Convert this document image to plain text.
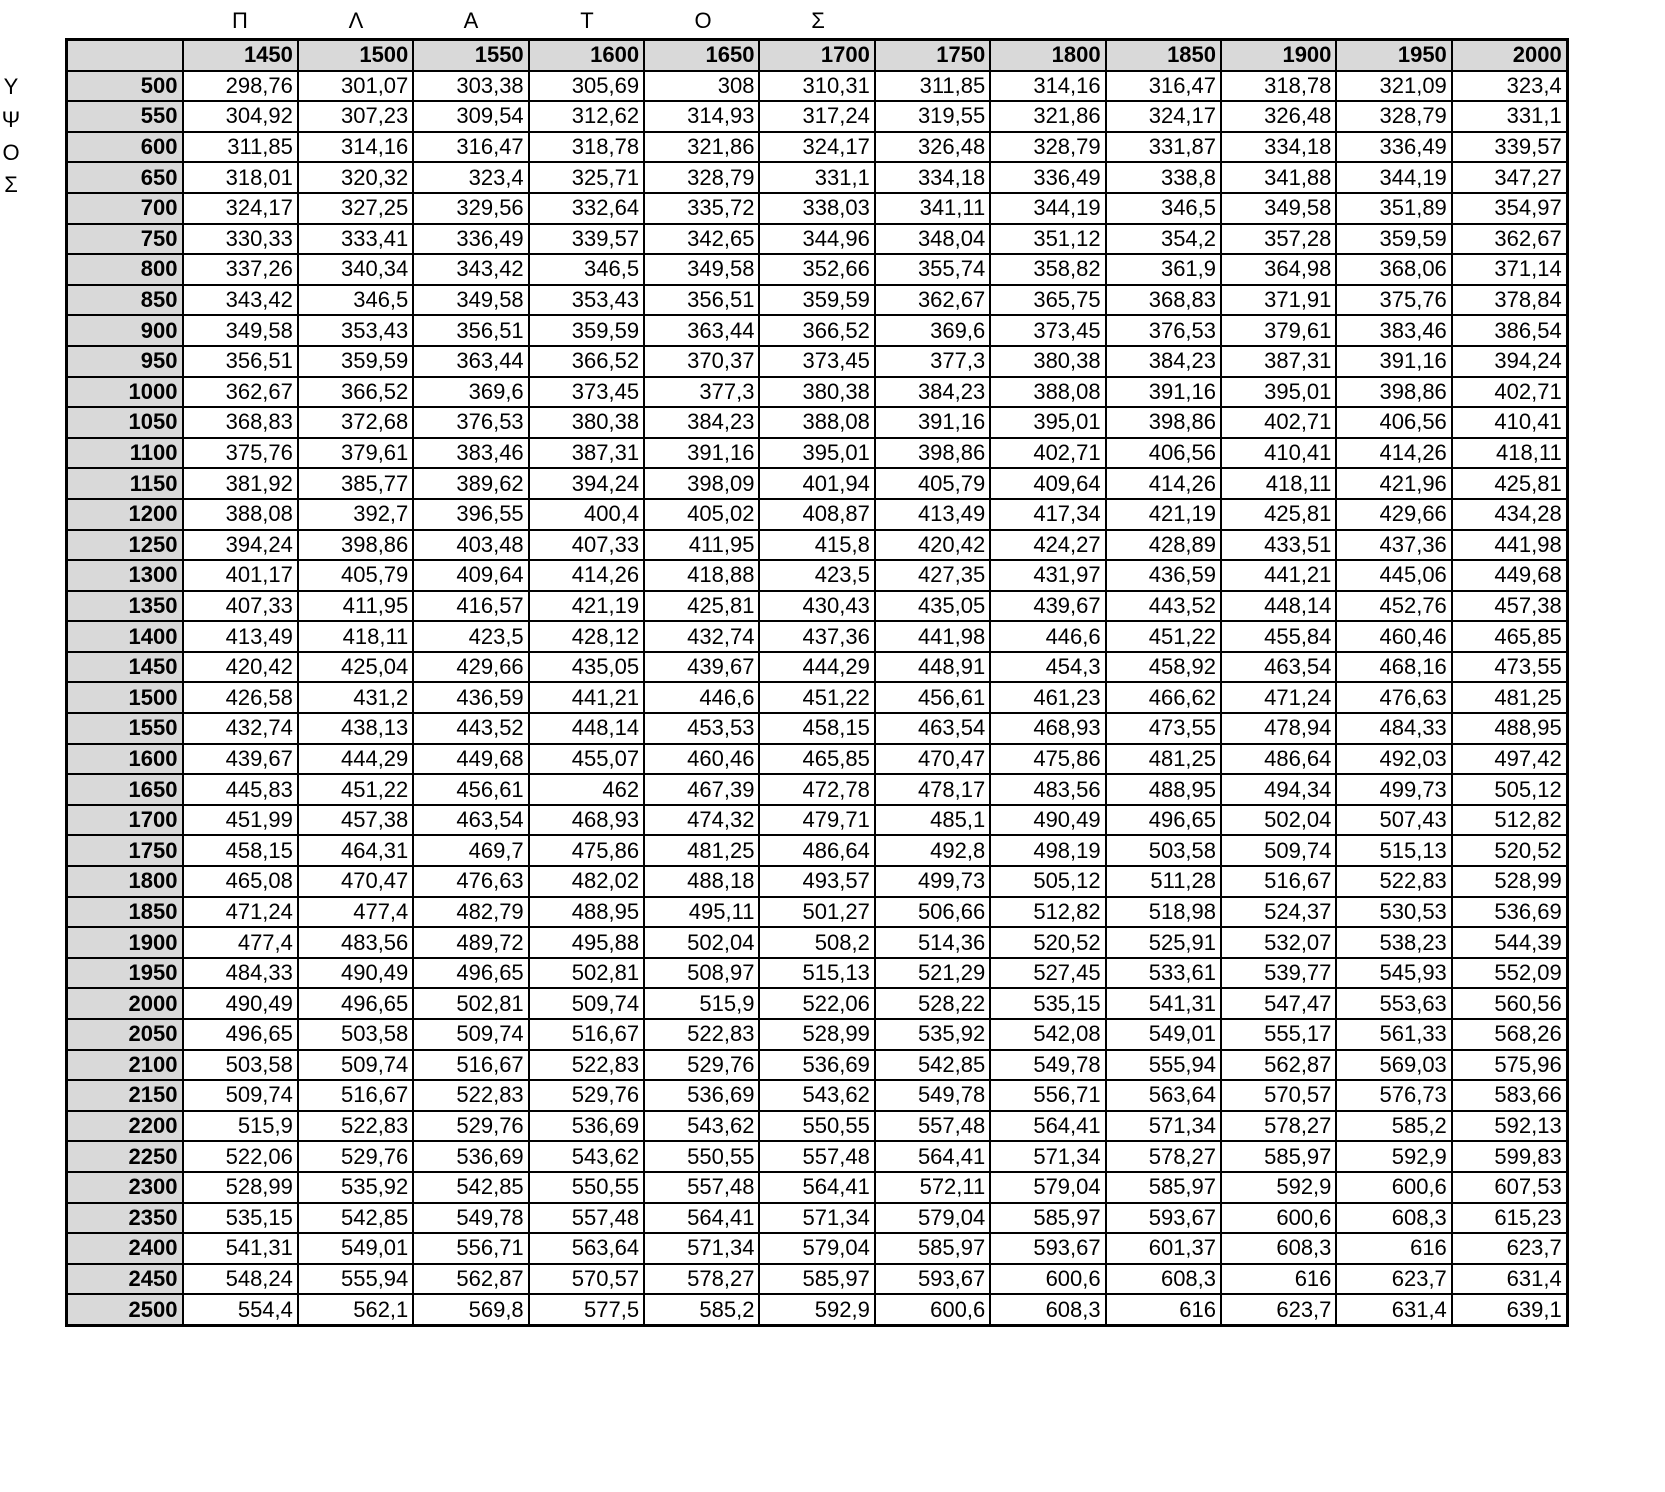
Π	Λ	Α	Τ	Ο	Σ
Υ
Ψ
Ο
Σ
	1450	1500	1550	1600	1650	1700	1750	1800	1850	1900	1950	2000
500	298,76	301,07	303,38	305,69	308	310,31	311,85	314,16	316,47	318,78	321,09	323,4
550	304,92	307,23	309,54	312,62	314,93	317,24	319,55	321,86	324,17	326,48	328,79	331,1
600	311,85	314,16	316,47	318,78	321,86	324,17	326,48	328,79	331,87	334,18	336,49	339,57
650	318,01	320,32	323,4	325,71	328,79	331,1	334,18	336,49	338,8	341,88	344,19	347,27
700	324,17	327,25	329,56	332,64	335,72	338,03	341,11	344,19	346,5	349,58	351,89	354,97
750	330,33	333,41	336,49	339,57	342,65	344,96	348,04	351,12	354,2	357,28	359,59	362,67
800	337,26	340,34	343,42	346,5	349,58	352,66	355,74	358,82	361,9	364,98	368,06	371,14
850	343,42	346,5	349,58	353,43	356,51	359,59	362,67	365,75	368,83	371,91	375,76	378,84
900	349,58	353,43	356,51	359,59	363,44	366,52	369,6	373,45	376,53	379,61	383,46	386,54
950	356,51	359,59	363,44	366,52	370,37	373,45	377,3	380,38	384,23	387,31	391,16	394,24
1000	362,67	366,52	369,6	373,45	377,3	380,38	384,23	388,08	391,16	395,01	398,86	402,71
1050	368,83	372,68	376,53	380,38	384,23	388,08	391,16	395,01	398,86	402,71	406,56	410,41
1100	375,76	379,61	383,46	387,31	391,16	395,01	398,86	402,71	406,56	410,41	414,26	418,11
1150	381,92	385,77	389,62	394,24	398,09	401,94	405,79	409,64	414,26	418,11	421,96	425,81
1200	388,08	392,7	396,55	400,4	405,02	408,87	413,49	417,34	421,19	425,81	429,66	434,28
1250	394,24	398,86	403,48	407,33	411,95	415,8	420,42	424,27	428,89	433,51	437,36	441,98
1300	401,17	405,79	409,64	414,26	418,88	423,5	427,35	431,97	436,59	441,21	445,06	449,68
1350	407,33	411,95	416,57	421,19	425,81	430,43	435,05	439,67	443,52	448,14	452,76	457,38
1400	413,49	418,11	423,5	428,12	432,74	437,36	441,98	446,6	451,22	455,84	460,46	465,85
1450	420,42	425,04	429,66	435,05	439,67	444,29	448,91	454,3	458,92	463,54	468,16	473,55
1500	426,58	431,2	436,59	441,21	446,6	451,22	456,61	461,23	466,62	471,24	476,63	481,25
1550	432,74	438,13	443,52	448,14	453,53	458,15	463,54	468,93	473,55	478,94	484,33	488,95
1600	439,67	444,29	449,68	455,07	460,46	465,85	470,47	475,86	481,25	486,64	492,03	497,42
1650	445,83	451,22	456,61	462	467,39	472,78	478,17	483,56	488,95	494,34	499,73	505,12
1700	451,99	457,38	463,54	468,93	474,32	479,71	485,1	490,49	496,65	502,04	507,43	512,82
1750	458,15	464,31	469,7	475,86	481,25	486,64	492,8	498,19	503,58	509,74	515,13	520,52
1800	465,08	470,47	476,63	482,02	488,18	493,57	499,73	505,12	511,28	516,67	522,83	528,99
1850	471,24	477,4	482,79	488,95	495,11	501,27	506,66	512,82	518,98	524,37	530,53	536,69
1900	477,4	483,56	489,72	495,88	502,04	508,2	514,36	520,52	525,91	532,07	538,23	544,39
1950	484,33	490,49	496,65	502,81	508,97	515,13	521,29	527,45	533,61	539,77	545,93	552,09
2000	490,49	496,65	502,81	509,74	515,9	522,06	528,22	535,15	541,31	547,47	553,63	560,56
2050	496,65	503,58	509,74	516,67	522,83	528,99	535,92	542,08	549,01	555,17	561,33	568,26
2100	503,58	509,74	516,67	522,83	529,76	536,69	542,85	549,78	555,94	562,87	569,03	575,96
2150	509,74	516,67	522,83	529,76	536,69	543,62	549,78	556,71	563,64	570,57	576,73	583,66
2200	515,9	522,83	529,76	536,69	543,62	550,55	557,48	564,41	571,34	578,27	585,2	592,13
2250	522,06	529,76	536,69	543,62	550,55	557,48	564,41	571,34	578,27	585,97	592,9	599,83
2300	528,99	535,92	542,85	550,55	557,48	564,41	572,11	579,04	585,97	592,9	600,6	607,53
2350	535,15	542,85	549,78	557,48	564,41	571,34	579,04	585,97	593,67	600,6	608,3	615,23
2400	541,31	549,01	556,71	563,64	571,34	579,04	585,97	593,67	601,37	608,3	616	623,7
2450	548,24	555,94	562,87	570,57	578,27	585,97	593,67	600,6	608,3	616	623,7	631,4
2500	554,4	562,1	569,8	577,5	585,2	592,9	600,6	608,3	616	623,7	631,4	639,1
